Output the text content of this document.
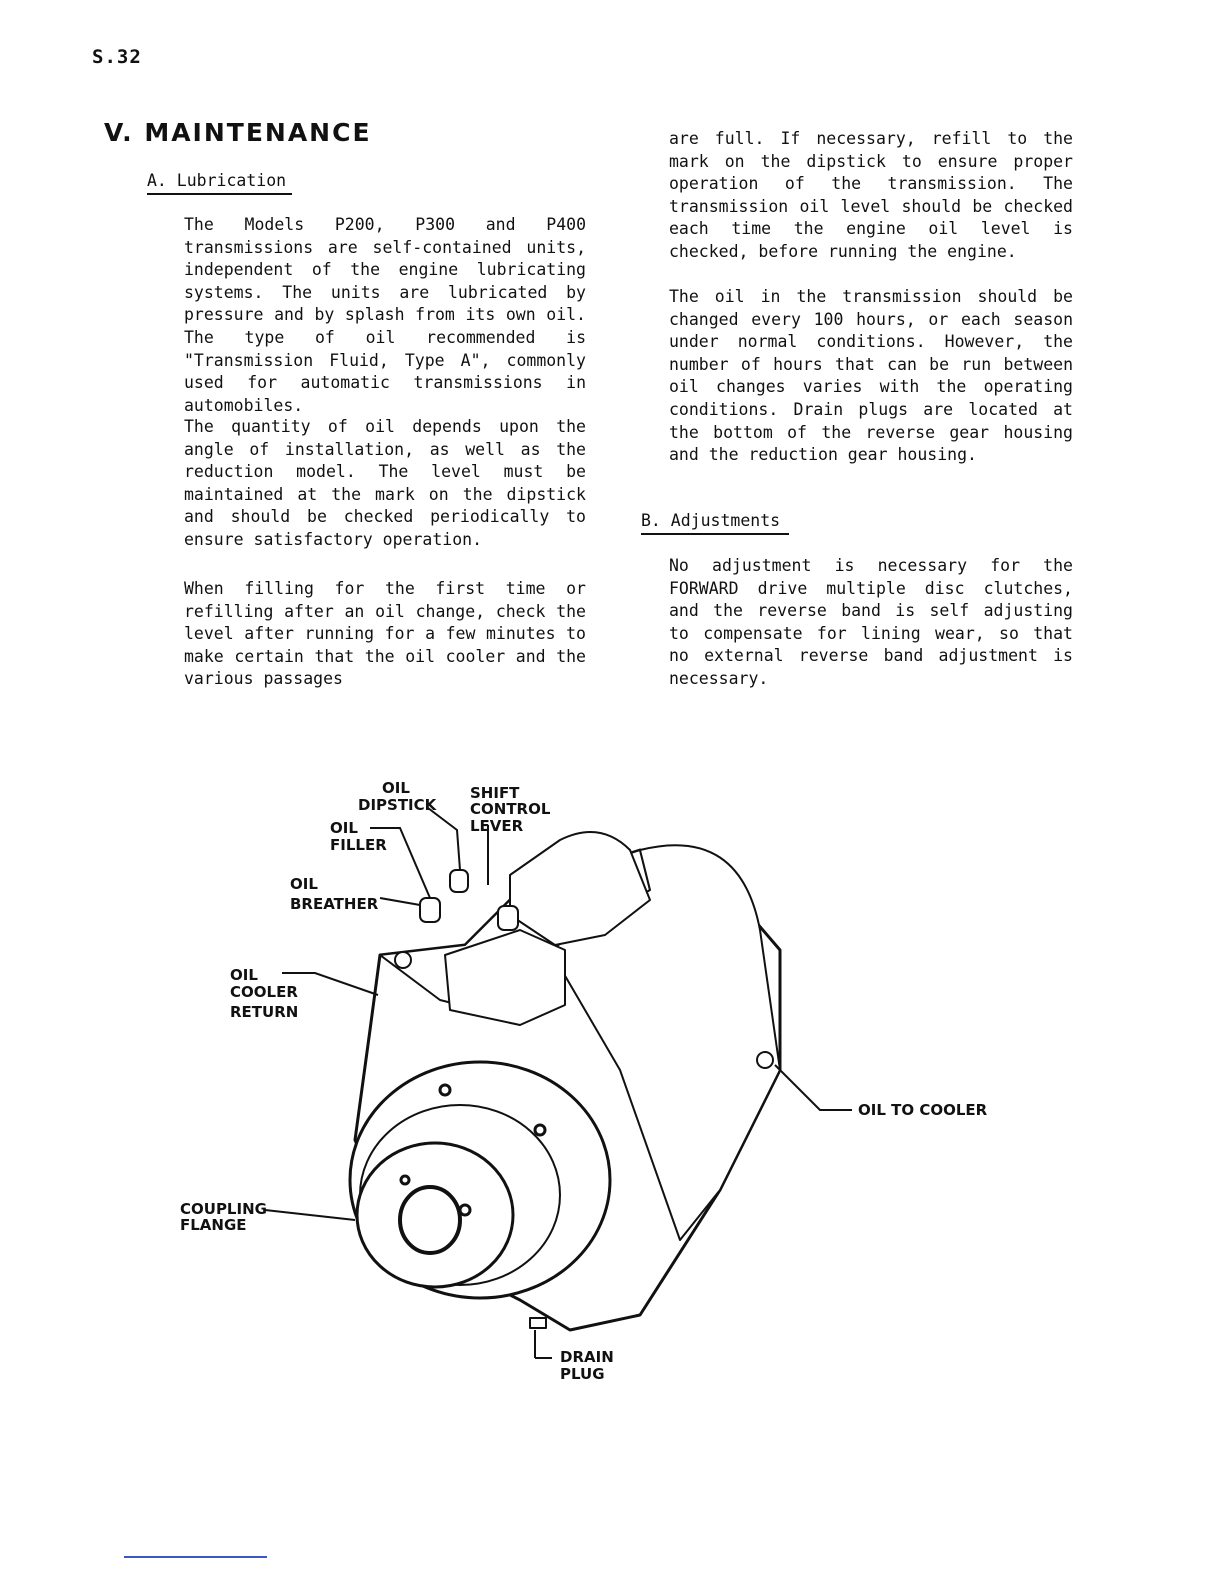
S.32
V. MAINTENANCE
A. Lubrication
The Models P200, P300 and P400 transmissions are self-contained units, independent of the engine lubricating systems. The units are lubricated by pressure and by splash from its own oil. The type of oil recommended is "Transmission Fluid, Type A", commonly used for automatic transmissions in automobiles.
The quantity of oil depends upon the angle of installation, as well as the reduction model. The level must be maintained at the mark on the dipstick and should be checked periodically to ensure satisfactory operation.
When filling for the first time or refilling after an oil change, check the level after running for a few minutes to make certain that the oil cooler and the various passages
are full. If necessary, refill to the mark on the dipstick to ensure proper operation of the transmission. The transmission oil level should be checked each time the engine oil level is checked, before running the engine.
The oil in the transmission should be changed every 100 hours, or each season under normal conditions. However, the number of hours that can be run between oil changes varies with the operating conditions. Drain plugs are located at the bottom of the reverse gear housing and the reduction gear housing.
B. Adjustments
No adjustment is necessary for the FORWARD drive multiple disc clutches, and the reverse band is self adjusting to compensate for lining wear, so that no external reverse band adjustment is necessary.
OIL
DIPSTICK
SHIFT
CONTROL
LEVER
OIL
FILLER
OIL
BREATHER
OIL
COOLER
RETURN
OIL TO COOLER
COUPLING
FLANGE
DRAIN
PLUG
